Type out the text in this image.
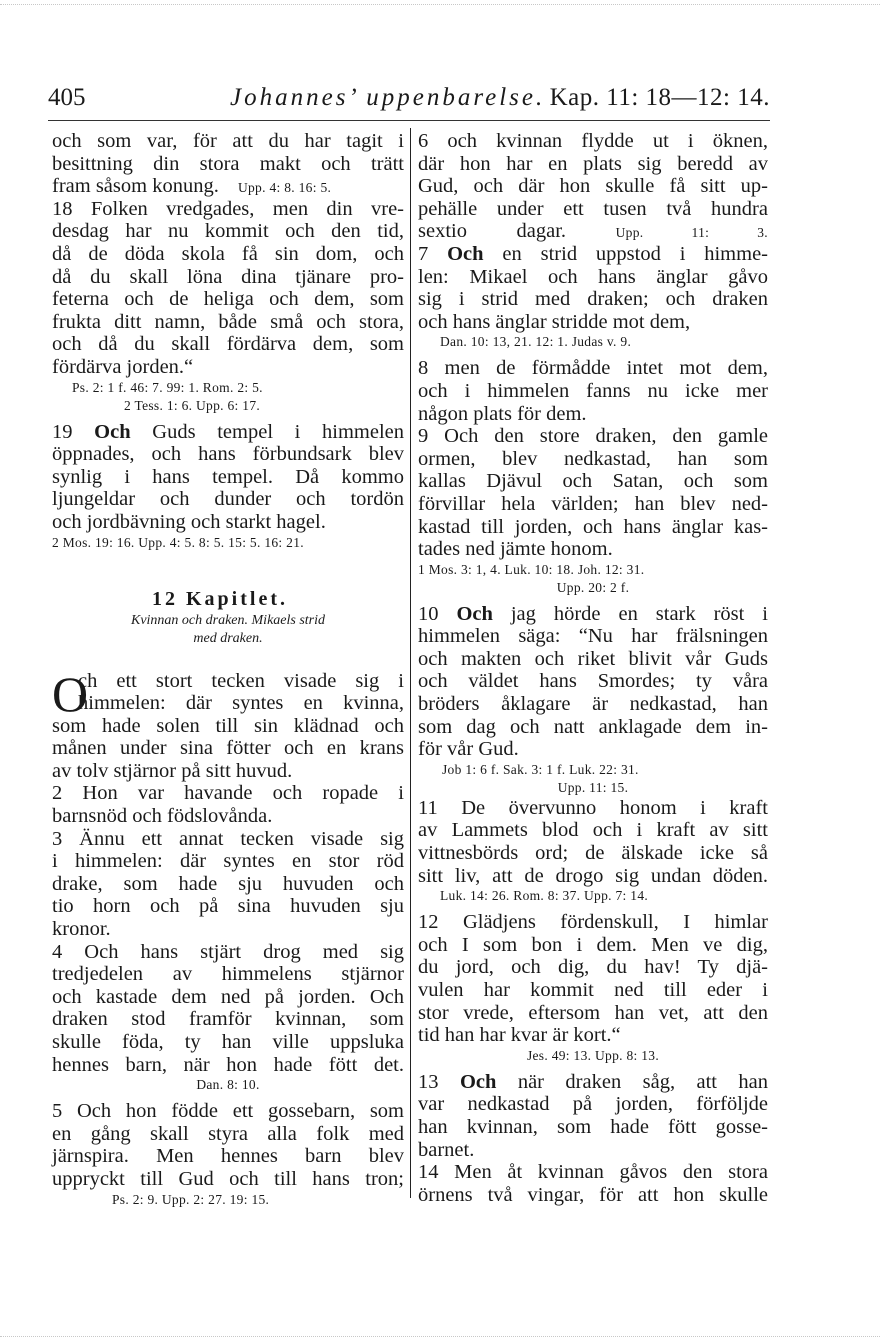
405	Johannes’ uppenbarelse. Kap. 11: 18—12: 14.
och som var, för att du har tagit i
besittning din stora makt och trätt
fram såsom konung. Upp. 4: 8. 16: 5.
18 Folken vredgades, men din vre-
desdag har nu kommit och den tid,
då de döda skola få sin dom, och
då du skall löna dina tjänare pro-
feterna och de heliga och dem, som
frukta ditt namn, både små och stora,
och då du skall fördärva dem, som
fördärva jorden.“
Ps. 2: 1 f. 46: 7. 99: 1. Rom. 2: 5.
2 Tess. 1: 6. Upp. 6: 17.
19 Och Guds tempel i himmelen
öppnades, och hans förbundsark blev
synlig i hans tempel. Då kommo
ljungeldar och dunder och tordön
och jordbävning och starkt hagel.
2 Mos. 19: 16. Upp. 4: 5. 8: 5. 15: 5. 16: 21.
12 Kapitlet.
Kvinnan och draken. Mikaels strid
med draken.
O
ch ett stort tecken visade sig i
himmelen: där syntes en kvinna,
som hade solen till sin klädnad och
månen under sina fötter och en krans
av tolv stjärnor på sitt huvud.
2 Hon var havande och ropade i
barnsnöd och födslovånda.
3 Ännu ett annat tecken visade sig
i himmelen: där syntes en stor röd
drake, som hade sju huvuden och
tio horn och på sina huvuden sju
kronor.
4 Och hans stjärt drog med sig
tredjedelen av himmelens stjärnor
och kastade dem ned på jorden. Och
draken stod framför kvinnan, som
skulle föda, ty han ville uppsluka
hennes barn, när hon hade fött det.
Dan. 8: 10.
5 Och hon födde ett gossebarn, som
en gång skall styra alla folk med
järnspira. Men hennes barn blev
uppryckt till Gud och till hans tron;
Ps. 2: 9. Upp. 2: 27. 19: 15.
6 och kvinnan flydde ut i öknen,
där hon har en plats sig beredd av
Gud, och där hon skulle få sitt up-
pehälle under ett tusen två hundra
sextio dagar.	Upp. 11: 3.
7 Och en strid uppstod i himme-
len: Mikael och hans änglar gåvo
sig i strid med draken; och draken
och hans änglar stridde mot dem,
Dan. 10: 13, 21. 12: 1. Judas v. 9.
8 men de förmådde intet mot dem,
och i himmelen fanns nu icke mer
någon plats för dem.
9 Och den store draken, den gamle
ormen, blev nedkastad, han som
kallas Djävul och Satan, och som
förvillar hela världen; han blev ned-
kastad till jorden, och hans änglar kas-
tades ned jämte honom.
1 Mos. 3: 1, 4. Luk. 10: 18. Joh. 12: 31.
Upp. 20: 2 f.
10 Och jag hörde en stark röst i
himmelen säga: “Nu har frälsningen
och makten och riket blivit vår Guds
och väldet hans Smordes; ty våra
bröders åklagare är nedkastad, han
som dag och natt anklagade dem in-
för vår Gud.
Job 1: 6 f. Sak. 3: 1 f. Luk. 22: 31.
Upp. 11: 15.
11 De övervunno honom i kraft
av Lammets blod och i kraft av sitt
vittnesbörds ord; de älskade icke så
sitt liv, att de drogo sig undan döden.
Luk. 14: 26. Rom. 8: 37. Upp. 7: 14.
12 Glädjens fördenskull, I himlar
och I som bon i dem. Men ve dig,
du jord, och dig, du hav! Ty djä-
vulen har kommit ned till eder i
stor vrede, eftersom han vet, att den
tid han har kvar är kort.“
Jes. 49: 13. Upp. 8: 13.
13 Och när draken såg, att han
var nedkastad på jorden, förföljde
han kvinnan, som hade fött gosse-
barnet.
14 Men åt kvinnan gåvos den stora
örnens två vingar, för att hon skulle
